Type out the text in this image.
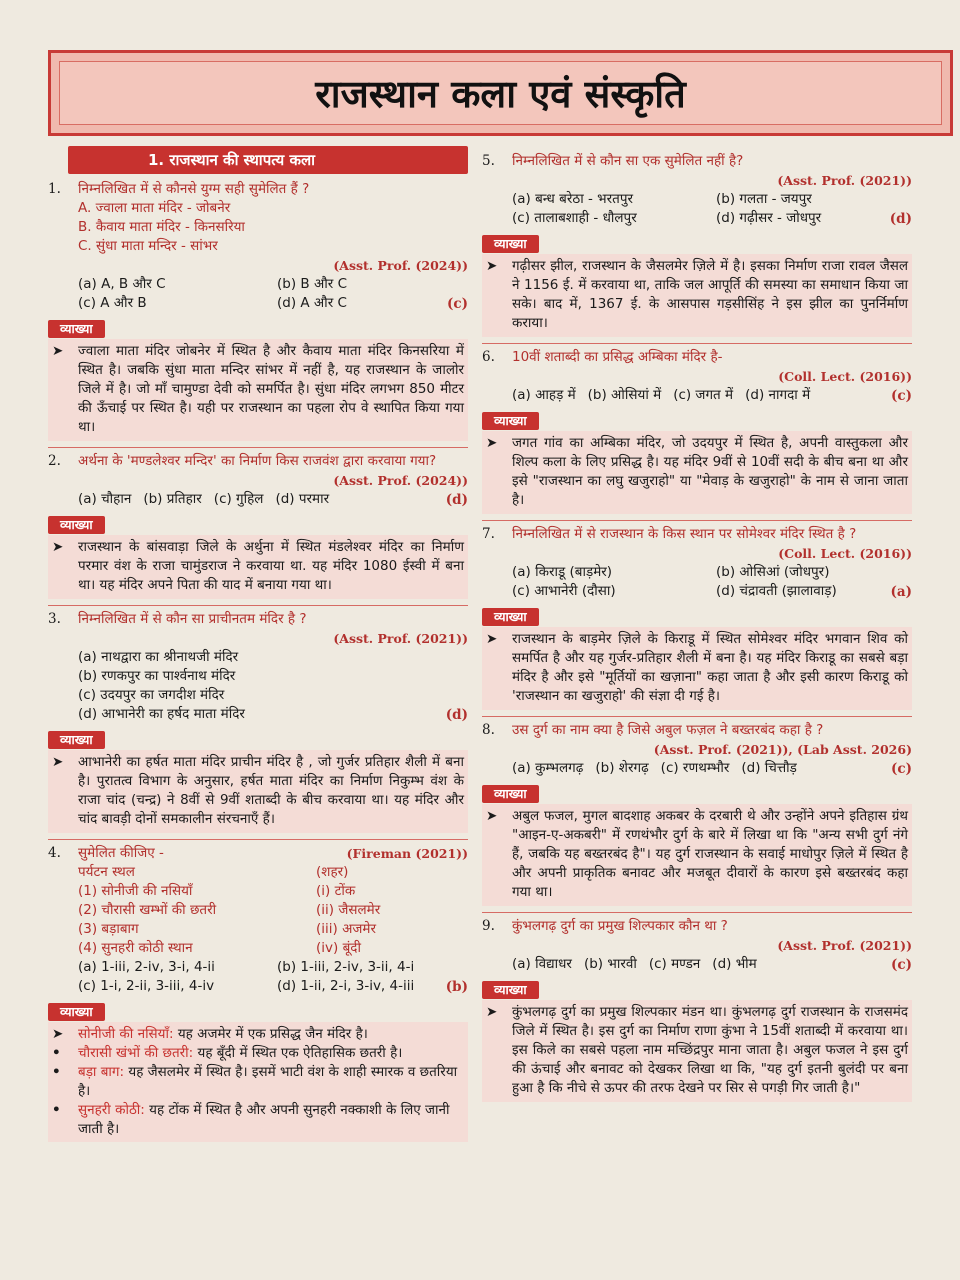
राजस्थान कला एवं संस्कृति
1. राजस्थान की स्थापत्य कला
1.	निम्नलिखित में से कौनसे युग्म सही सुमेलित हैं ?
A. ज्वाला माता मंदिर - जोबनेर
B. कैवाय माता मंदिर - किनसरिया
C. सुंधा माता मन्दिर - सांभर
(Asst. Prof. (2024))
(a) A, B और C	(b) B और C
(c) A और B	(d) A और C	(c)
व्याख्या
➤	ज्वाला माता मंदिर जोबनेर में स्थित है और कैवाय माता मंदिर किनसरिया में स्थित है। जबकि सुंधा माता मन्दिर सांभर में नहीं है, यह राजस्थान के जालोर जिले में है। जो माँ चामुण्डा देवी को समर्पित है। सुंधा मंदिर लगभग 850 मीटर की ऊँचाई पर स्थित है। यही पर राजस्थान का पहला रोप वे स्थापित किया गया था।
2.	अर्थना के 'मण्डलेश्वर मन्दिर' का निर्माण किस राजवंश द्वारा करवाया गया?
(Asst. Prof. (2024))
(a) चौहान (b) प्रतिहार (c) गुहिल (d) परमार	(d)
व्याख्या
➤	राजस्थान के बांसवाड़ा जिले के अर्थुना में स्थित मंडलेश्वर मंदिर का निर्माण परमार वंश के राजा चामुंडराज ने करवाया था. यह मंदिर 1080 ईस्वी में बना था। यह मंदिर अपने पिता की याद में बनाया गया था।
3.	निम्नलिखित में से कौन सा प्राचीनतम मंदिर है ?
(Asst. Prof. (2021))
(a) नाथद्वारा का श्रीनाथजी मंदिर
(b) रणकपुर का पार्श्वनाथ मंदिर
(c) उदयपुर का जगदीश मंदिर
(d) आभानेरी का हर्षद माता मंदिर	(d)
व्याख्या
➤	आभानेरी का हर्षत माता मंदिर प्राचीन मंदिर है , जो गुर्जर प्रतिहार शैली में बना है। पुरातत्व विभाग के अनुसार, हर्षत माता मंदिर का निर्माण निकुम्भ वंश के राजा चांद (चन्द्र) ने 8वीं से 9वीं शताब्दी के बीच करवाया था। यह मंदिर और चांद बावड़ी दोनों समकालीन संरचनाएँ हैं।
4.	सुमेलित कीजिए -	(Fireman (2021))
पर्यटन स्थल	(शहर)
(1) सोनीजी की नसियाँ	(i) टोंक
(2) चौरासी खम्भों की छतरी	(ii) जैसलमेर
(3) बड़ाबाग	(iii) अजमेर
(4) सुनहरी कोठी स्थान	(iv) बूंदी
(a) 1-iii, 2-iv, 3-i, 4-ii	(b) 1-iii, 2-iv, 3-ii, 4-i
(c) 1-i, 2-ii, 3-iii, 4-iv	(d) 1-ii, 2-i, 3-iv, 4-iii	(b)
व्याख्या
➤	सोनीजी की नसियाँ: यह अजमेर में एक प्रसिद्ध जैन मंदिर है।
•	चौरासी खंभों की छतरी: यह बूँदी में स्थित एक ऐतिहासिक छतरी है।
•	बड़ा बाग: यह जैसलमेर में स्थित है। इसमें भाटी वंश के शाही स्मारक व छतरिया है।
•	सुनहरी कोठी: यह टोंक में स्थित है और अपनी सुनहरी नक्काशी के लिए जानी जाती है।
5.	निम्नलिखित में से कौन सा एक सुमेलित नहीं है?
(Asst. Prof. (2021))
(a) बन्ध बरेठा - भरतपुर	(b) गलता - जयपुर
(c) तालाबशाही - धौलपुर	(d) गढ़ीसर - जोधपुर	(d)
व्याख्या
➤	गढ़ीसर झील, राजस्थान के जैसलमेर ज़िले में है। इसका निर्माण राजा रावल जैसल ने 1156 ई. में करवाया था, ताकि जल आपूर्ति की समस्या का समाधान किया जा सके। बाद में, 1367 ई. के आसपास गड़सीसिंह ने इस झील का पुनर्निर्माण कराया।
6.	10वीं शताब्दी का प्रसिद्ध अम्बिका मंदिर है-
(Coll. Lect. (2016))
(a) आहड़ में (b) ओसियां में (c) जगत में (d) नागदा में	(c)
व्याख्या
➤	जगत गांव का अम्बिका मंदिर, जो उदयपुर में स्थित है, अपनी वास्तुकला और शिल्प कला के लिए प्रसिद्ध है। यह मंदिर 9वीं से 10वीं सदी के बीच बना था और इसे "राजस्थान का लघु खजुराहो" या "मेवाड़ के खजुराहो" के नाम से जाना जाता है।
7.	निम्नलिखित में से राजस्थान के किस स्थान पर सोमेश्वर मंदिर स्थित है ?
(Coll. Lect. (2016))
(a) किराडू (बाड़मेर)	(b) ओसिआं (जोधपुर)
(c) आभानेरी (दौसा)	(d) चंद्रावती (झालावाड़)	(a)
व्याख्या
➤	राजस्थान के बाड़मेर ज़िले के किराडू में स्थित सोमेश्वर मंदिर भगवान शिव को समर्पित है और यह गुर्जर-प्रतिहार शैली में बना है। यह मंदिर किराडू का सबसे बड़ा मंदिर है और इसे "मूर्तियों का खज़ाना" कहा जाता है और इसी कारण किराडू को 'राजस्थान का खजुराहो' की संज्ञा दी गई है।
8.	उस दुर्ग का नाम क्या है जिसे अबुल फज़ल ने बख्तरबंद कहा है ?
(Asst. Prof. (2021)), (Lab Asst. 2026)
(a) कुम्भलगढ़ (b) शेरगढ़ (c) रणथम्भौर (d) चित्तौड़	(c)
व्याख्या
➤	अबुल फजल, मुगल बादशाह अकबर के दरबारी थे और उन्होंने अपने इतिहास ग्रंथ "आइन-ए-अकबरी" में रणथंभौर दुर्ग के बारे में लिखा था कि "अन्य सभी दुर्ग नंगे हैं, जबकि यह बख्तरबंद है"। यह दुर्ग राजस्थान के सवाई माधोपुर ज़िले में स्थित है और अपनी प्राकृतिक बनावट और मजबूत दीवारों के कारण इसे बख्तरबंद कहा गया था।
9.	कुंभलगढ़ दुर्ग का प्रमुख शिल्पकार कौन था ?
(Asst. Prof. (2021))
(a) विद्याधर (b) भारवी (c) मण्डन (d) भीम	(c)
व्याख्या
➤	कुंभलगढ़ दुर्ग का प्रमुख शिल्पकार मंडन था। कुंभलगढ़ दुर्ग राजस्थान के राजसमंद जिले में स्थित है। इस दुर्ग का निर्माण राणा कुंभा ने 15वीं शताब्दी में करवाया था। इस किले का सबसे पहला नाम मच्छिंद्रपुर माना जाता है। अबुल फजल ने इस दुर्ग की ऊंचाई और बनावट को देखकर लिखा था कि, "यह दुर्ग इतनी बुलंदी पर बना हुआ है कि नीचे से ऊपर की तरफ देखने पर सिर से पगड़ी गिर जाती है।"
